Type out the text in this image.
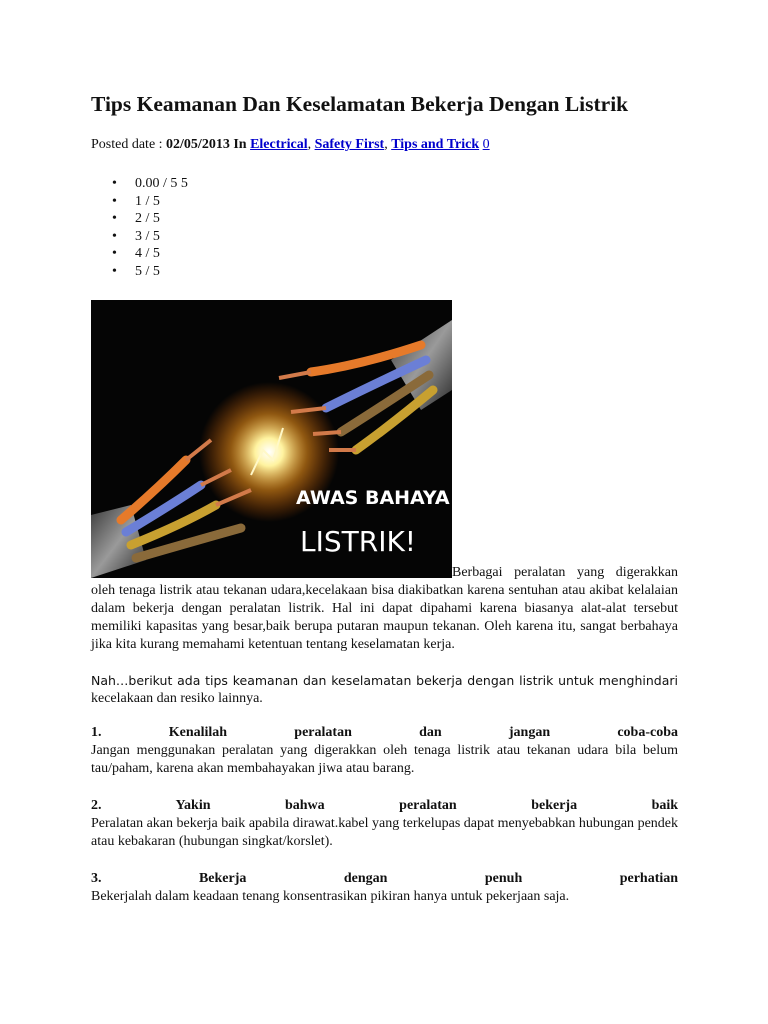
Tips Keamanan Dan Keselamatan Bekerja Dengan Listrik
Posted date : 02/05/2013 In Electrical, Safety First, Tips and Trick 0
• 0.00 / 5 5
• 1 / 5
• 2 / 5
• 3 / 5
• 4 / 5
• 5 / 5
AWAS BAHAYA
LISTRIK!
Berbagai peralatan yang digerakkan

oleh tenaga listrik atau tekanan udara,kecelakaan bisa diakibatkan karena sentuhan atau akibat kelalaian dalam bekerja dengan peralatan listrik. Hal ini dapat dipahami karena biasanya alat-alat tersebut memiliki kapasitas yang besar,baik berupa putaran maupun tekanan. Oleh karena itu, sangat berbahaya jika kita kurang memahami ketentuan tentang keselamatan kerja.

Nah…berikut ada tips keamanan dan keselamatan bekerja dengan listrik untuk menghindari
kecelakaan dan resiko lainnya.

1.	Kenalilah	peralatan	dan	jangan	coba-coba

Jangan menggunakan peralatan yang digerakkan oleh tenaga listrik atau tekanan udara bila belum tau/paham, karena akan membahayakan jiwa atau barang.

2.	Yakin	bahwa	peralatan	bekerja	baik

Peralatan akan bekerja baik apabila dirawat.kabel yang terkelupas dapat menyebabkan hubungan pendek atau kebakaran (hubungan singkat/korslet).

3.	Bekerja	dengan	penuh	perhatian

Bekerjalah dalam keadaan tenang konsentrasikan pikiran hanya untuk pekerjaan saja.
